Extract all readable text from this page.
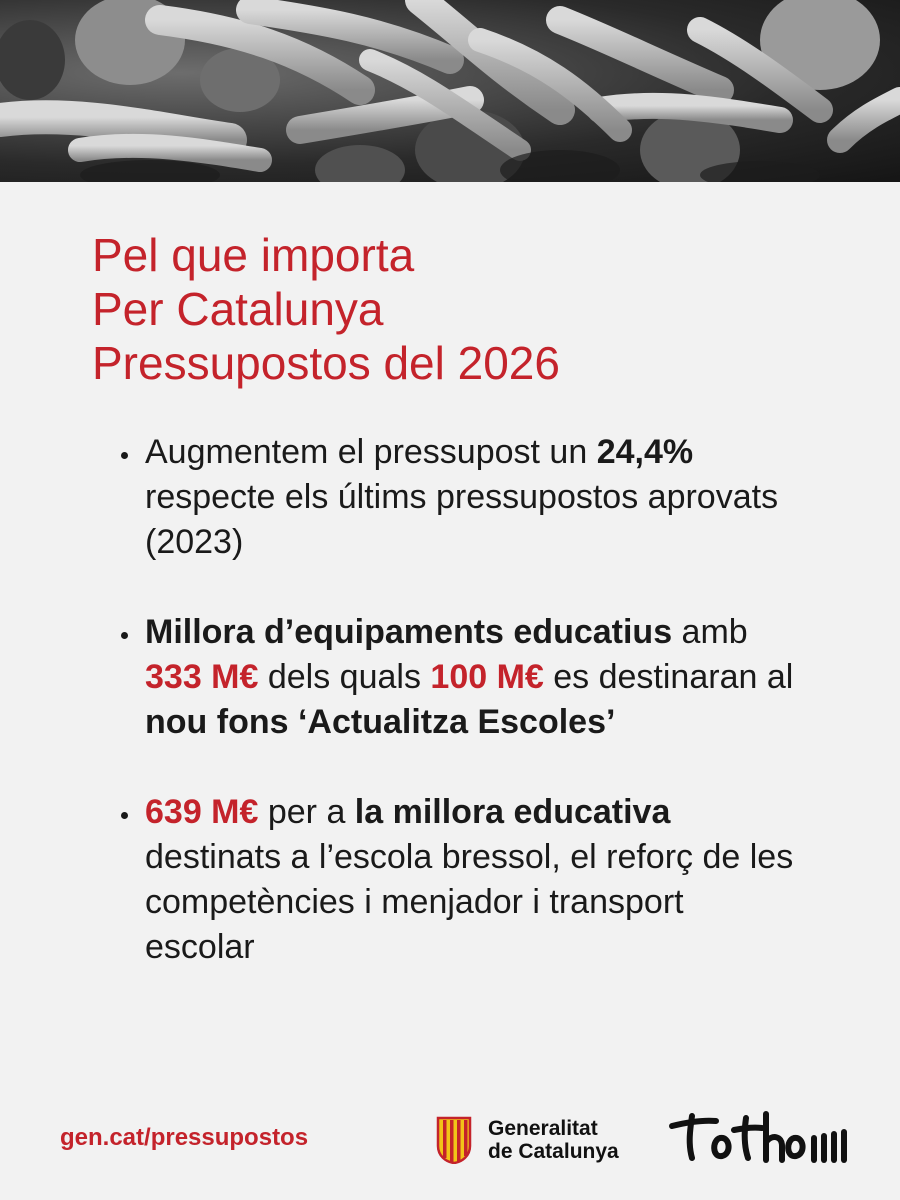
Pel que importa
Per Catalunya
Pressupostos del 2026
Augmentem el pressupost un 24,4% respecte els últims pressupostos aprovats (2023)
Millora d’equipaments educatius amb 333 M€ dels quals 100 M€ es destinaran al nou fons ‘Actualitza Escoles’
639 M€ per a la millora educativa destinats a l’escola bressol, el reforç de les competències i menjador i transport escolar
gen.cat/pressupostos	Generalitat
de Catalunya
